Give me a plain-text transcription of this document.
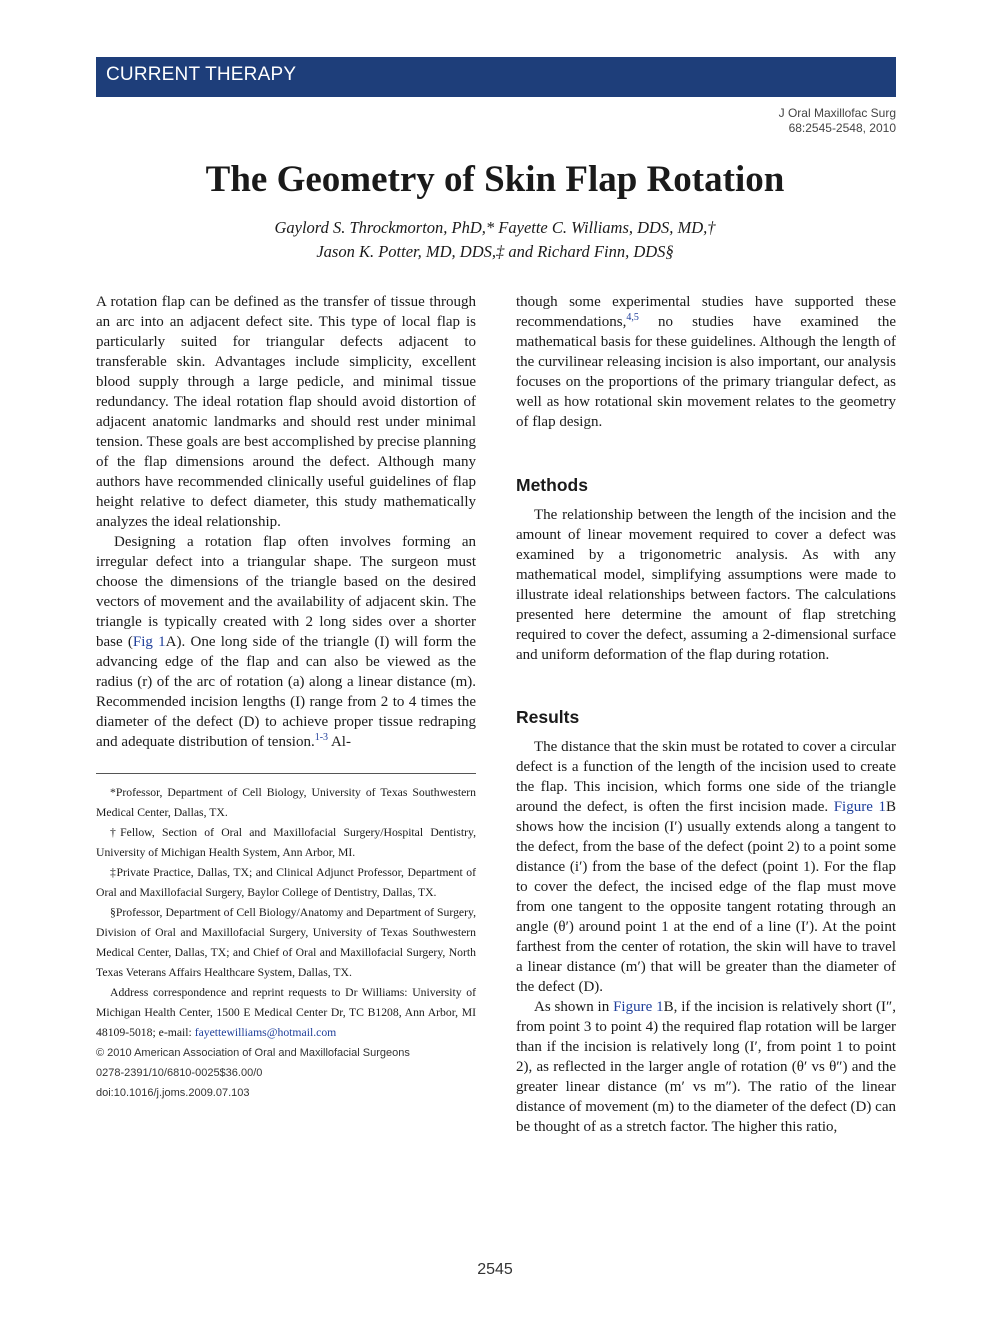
CURRENT THERAPY
J Oral Maxillofac Surg
68:2545-2548, 2010
The Geometry of Skin Flap Rotation
Gaylord S. Throckmorton, PhD,* Fayette C. Williams, DDS, MD,†
Jason K. Potter, MD, DDS,‡ and Richard Finn, DDS§

A rotation flap can be defined as the transfer of tissue through an arc into an adjacent defect site. This type of local flap is particularly suited for triangular defects adjacent to transferable skin. Advantages include simplicity, excellent blood supply through a large pedicle, and minimal tissue redundancy. The ideal rotation flap should avoid distortion of adjacent anatomic landmarks and should rest under minimal tension. These goals are best accomplished by precise planning of the flap dimensions around the defect. Although many authors have recommended clinically useful guidelines of flap height relative to defect diameter, this study mathematically analyzes the ideal relationship.

Designing a rotation flap often involves forming an irregular defect into a triangular shape. The surgeon must choose the dimensions of the triangle based on the desired vectors of movement and the availability of adjacent skin. The triangle is typically created with 2 long sides over a shorter base (Fig 1A). One long side of the triangle (I) will form the advancing edge of the flap and can also be viewed as the radius (r) of the arc of rotation (a) along a linear distance (m). Recommended incision lengths (I) range from 2 to 4 times the diameter of the defect (D) to achieve proper tissue redraping and adequate distribution of tension.$^{1-3}$ Al-

*Professor, Department of Cell Biology, University of Texas Southwestern Medical Center, Dallas, TX.

†Fellow, Section of Oral and Maxillofacial Surgery/Hospital Dentistry, University of Michigan Health System, Ann Arbor, MI.

‡Private Practice, Dallas, TX; and Clinical Adjunct Professor, Department of Oral and Maxillofacial Surgery, Baylor College of Dentistry, Dallas, TX.

§Professor, Department of Cell Biology/Anatomy and Department of Surgery, Division of Oral and Maxillofacial Surgery, University of Texas Southwestern Medical Center, Dallas, TX; and Chief of Oral and Maxillofacial Surgery, North Texas Veterans Affairs Healthcare System, Dallas, TX.

Address correspondence and reprint requests to Dr Williams: University of Michigan Health Center, 1500 E Medical Center Dr, TC B1208, Ann Arbor, MI 48109-5018; e-mail: fayettewilliams@hotmail.com

© 2010 American Association of Oral and Maxillofacial Surgeons

0278-2391/10/6810-0025$36.00/0

doi:10.1016/j.joms.2009.07.103

though some experimental studies have supported these recommendations,$^{4,5}$ no studies have examined the mathematical basis for these guidelines. Although the length of the curvilinear releasing incision is also important, our analysis focuses on the proportions of the primary triangular defect, as well as how rotational skin movement relates to the geometry of flap design.

Methods

The relationship between the length of the incision and the amount of linear movement required to cover a defect was examined by a trigonometric analysis. As with any mathematical model, simplifying assumptions were made to illustrate ideal relationships between factors. The calculations presented here determine the amount of flap stretching required to cover the defect, assuming a 2-dimensional surface and uniform deformation of the flap during rotation.

Results

The distance that the skin must be rotated to cover a circular defect is a function of the length of the incision used to create the flap. This incision, which forms one side of the triangle around the defect, is often the first incision made. Figure 1B shows how the incision (I′) usually extends along a tangent to the defect, from the base of the defect (point 2) to a point some distance (i′) from the base of the defect (point 1). For the flap to cover the defect, the incised edge of the flap must move from one tangent to the opposite tangent rotating through an angle (θ′) around point 1 at the end of a line (I′). At the point farthest from the center of rotation, the skin will have to travel a linear distance (m′) that will be greater than the diameter of the defect (D).

As shown in Figure 1B, if the incision is relatively short (I″, from point 3 to point 4) the required flap rotation will be larger than if the incision is relatively long (I′, from point 1 to point 2), as reflected in the larger angle of rotation (θ′ vs θ″) and the greater linear distance (m′ vs m″). The ratio of the linear distance of movement (m) to the diameter of the defect (D) can be thought of as a stretch factor. The higher this ratio,

2545
